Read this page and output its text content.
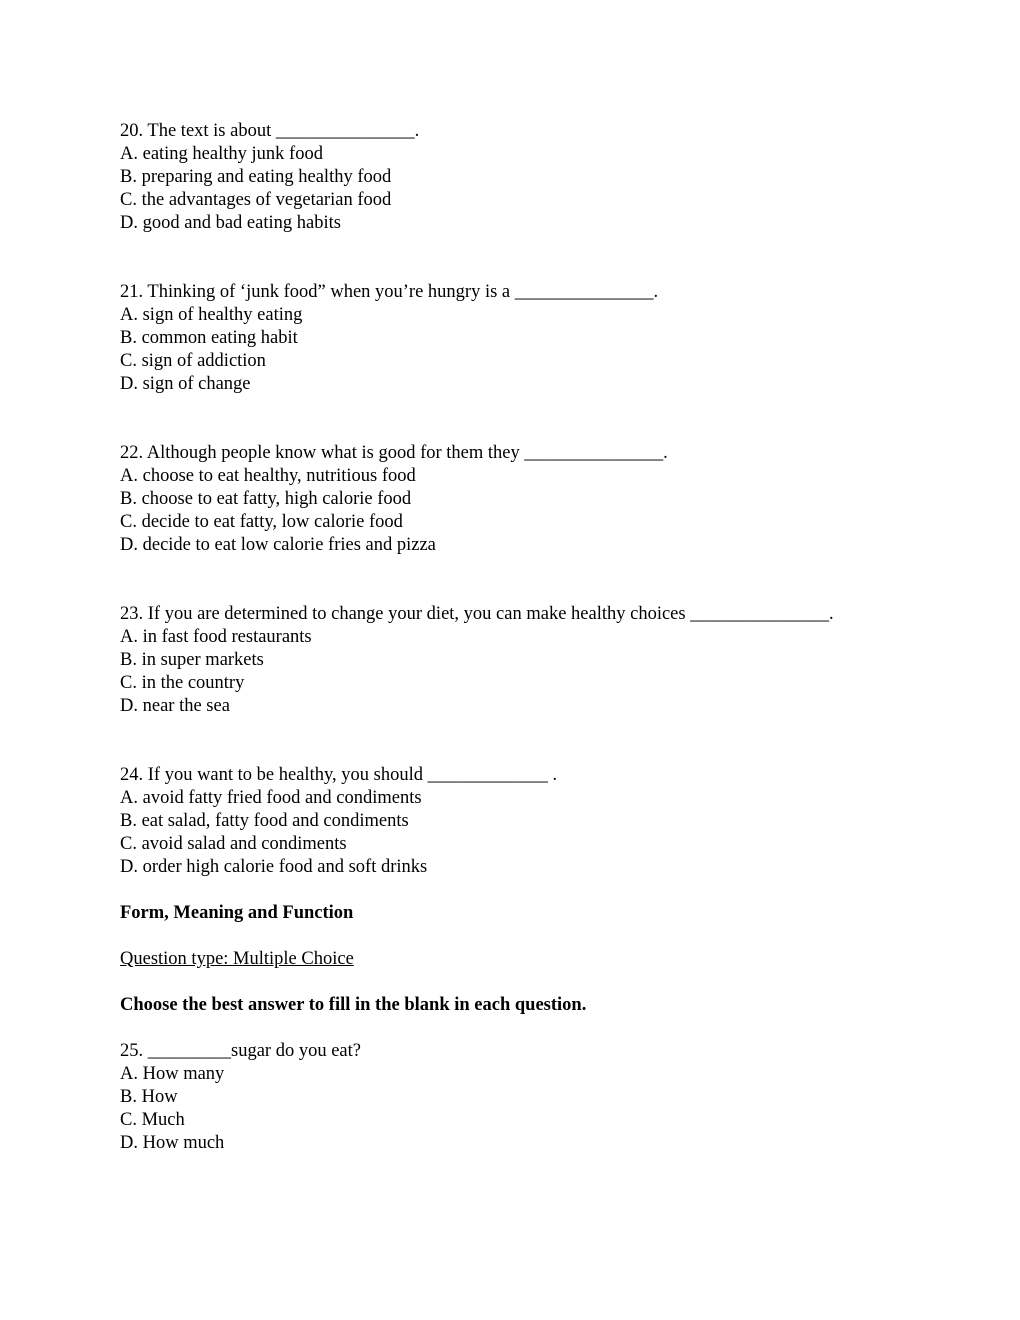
20. The text is about _______________.
A. eating healthy junk food
B. preparing and eating healthy food
C. the advantages of vegetarian food
D. good and bad eating habits
21. Thinking of ‘junk food” when you’re hungry is a _______________.
A. sign of healthy eating
B. common eating habit
C. sign of addiction
D. sign of change
22. Although people know what is good for them they _______________.
A. choose to eat healthy, nutritious food
B. choose to eat fatty, high calorie food
C. decide to eat fatty, low calorie food
D. decide to eat low calorie fries and pizza
23. If you are determined to change your diet, you can make healthy choices _______________.
A. in fast food restaurants
B. in super markets
C. in the country
D. near the sea
24. If you want to be healthy, you should _____________ .
A. avoid fatty fried food and condiments
B. eat salad, fatty food and condiments
C. avoid salad and condiments
D. order high calorie food and soft drinks
Form, Meaning and Function
Question type: Multiple Choice
Choose the best answer to fill in the blank in each question.
25. _________sugar do you eat?
A. How many
B. How
C. Much
D. How much
